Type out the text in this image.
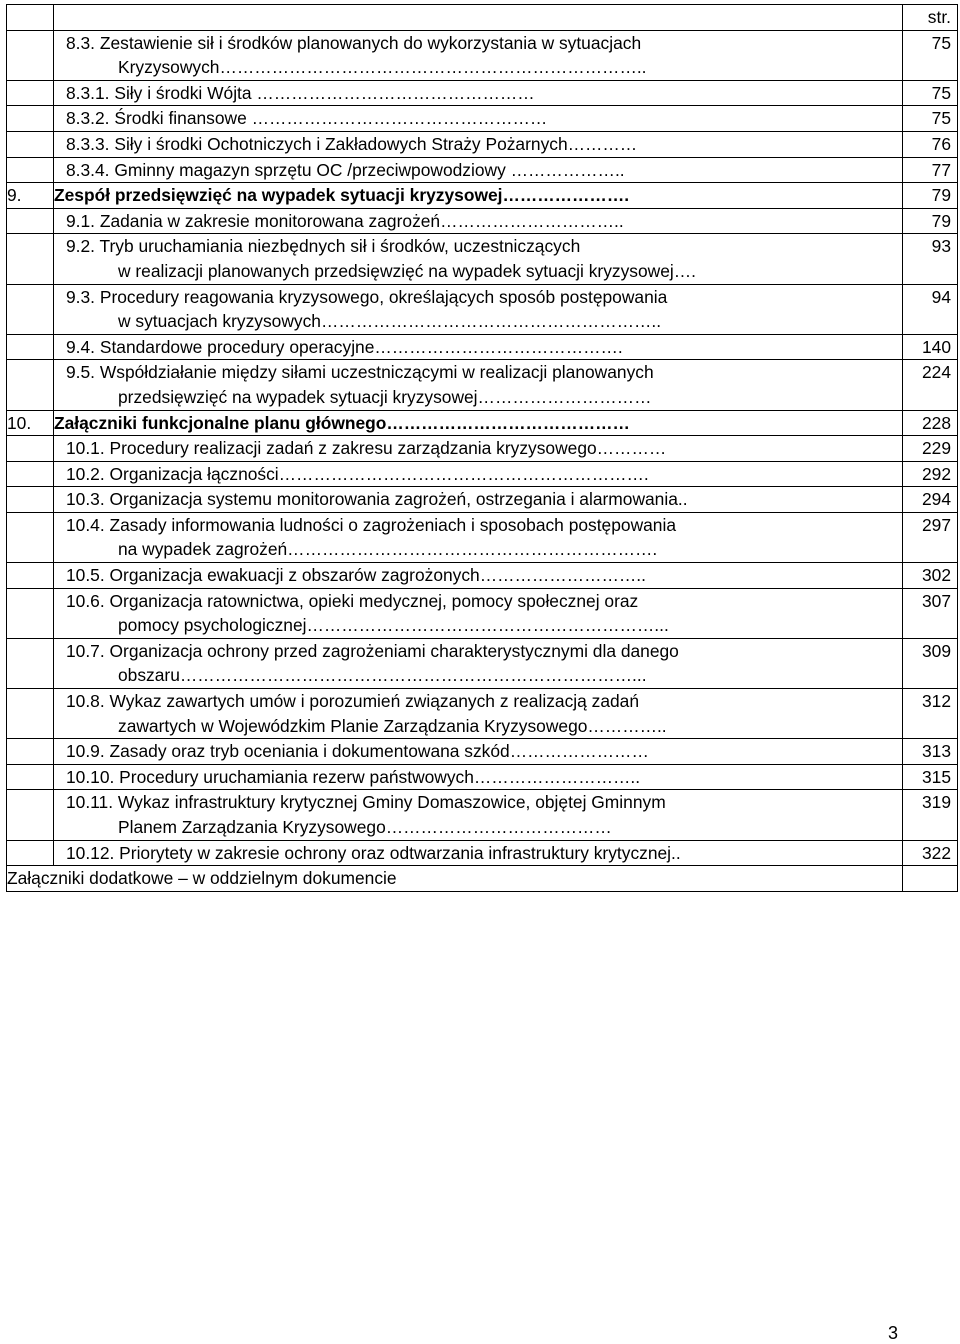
		str.

	8.3. Zestawienie sił i środków planowanych do wykorzystania w sytuacjach
Kryzysowych………………………………………………………………..	75

	8.3.1. Siły i środki Wójta …………………………………………	75

	8.3.2. Środki finansowe ……………………………………………	75

	8.3.3. Siły i środki Ochotniczych i Zakładowych Straży Pożarnych…………	76

	8.3.4. Gminny magazyn sprzętu OC /przeciwpowodziowy ………………..	77
9.	Zespół przedsięwzięć na wypadek sytuacji kryzysowej………………….	79

	9.1. Zadania w zakresie monitorowana zagrożeń…………………………..	79

	9.2. Tryb uruchamiania niezbędnych sił i środków, uczestniczących
w realizacji planowanych przedsięwzięć na wypadek sytuacji kryzysowej….	93

	9.3. Procedury reagowania kryzysowego, określających sposób postępowania
w sytuacjach kryzysowych…………………………………………………..	94

	9.4. Standardowe procedury operacyjne…………………………………….	140

	9.5. Współdziałanie między siłami uczestniczącymi w realizacji planowanych
przedsięwzięć na wypadek sytuacji kryzysowej…………………………	224
10.	Załączniki funkcjonalne planu głównego……………………………………	228

	10.1. Procedury realizacji zadań z zakresu zarządzania kryzysowego…………	229

	10.2. Organizacja łączności……………………………………………………….	292

	10.3. Organizacja systemu monitorowania zagrożeń, ostrzegania i alarmowania..	294

	10.4. Zasady informowania ludności o zagrożeniach i sposobach postępowania
na wypadek zagrożeń……………………………………………………….	297

	10.5. Organizacja ewakuacji z obszarów zagrożonych………………………..	302

	10.6. Organizacja ratownictwa, opieki medycznej, pomocy społecznej oraz
pomocy psychologicznej……………………………………………………...	307

	10.7. Organizacja ochrony przed zagrożeniami charakterystycznymi dla danego
obszaru……………………………………………………………………...	309

	10.8. Wykaz zawartych umów i porozumień związanych z realizacją zadań
zawartych w Wojewódzkim Planie Zarządzania Kryzysowego…………..	312

	10.9. Zasady oraz tryb oceniania i dokumentowana szkód……………………	313

	10.10. Procedury uruchamiania rezerw państwowych………………………..	315

	10.11. Wykaz infrastruktury krytycznej Gminy Domaszowice, objętej Gminnym
Planem Zarządzania Kryzysowego…………………………………	319

	10.12. Priorytety w zakresie ochrony oraz odtwarzania infrastruktury krytycznej..	322
Załączniki dodatkowe – w oddzielnym dokumencie		
3
